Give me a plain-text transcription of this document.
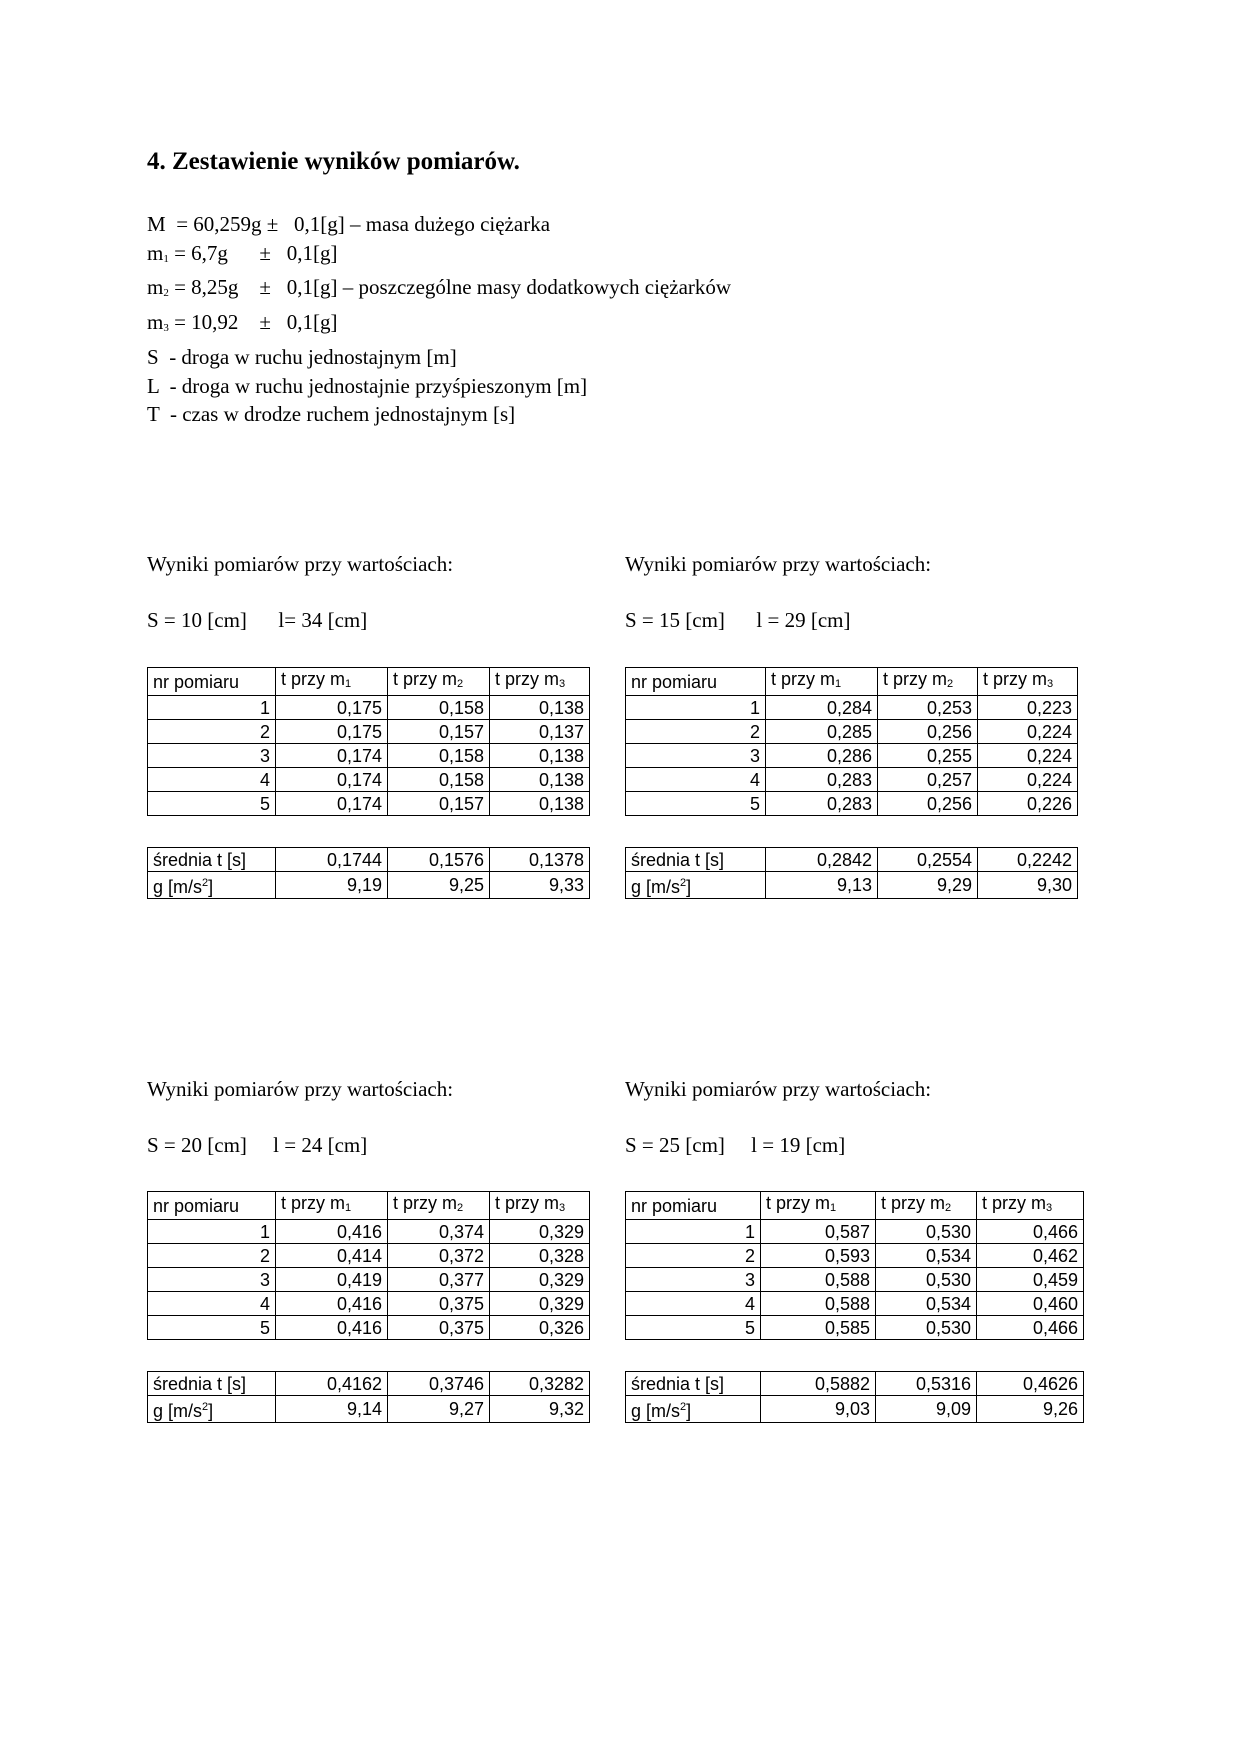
4. Zestawienie wyników pomiarów.
M  = 60,259g ±   0,1[g] – masa dużego ciężarka
$m_1 = 6,7g$      ±   0,1[g]
$m_2 = 8,25g$    ±   0,1[g] – poszczególne masy dodatkowych ciężarków
$m_3 = 10,92$    ±   0,1[g]
S  - droga w ruchu jednostajnym [m]
L  - droga w ruchu jednostajnie przyśpieszonym [m]
T  - czas w drodze ruchem jednostajnym [s]
Wyniki pomiarów przy wartościach:
S = 10 [cm]      l= 34 [cm]
nr pomiaru	t przy $m_1$	t przy $m_2$	t przy $m_3$
1	0,175	0,158	0,138
2	0,175	0,157	0,137
3	0,174	0,158	0,138
4	0,174	0,158	0,138
5	0,174	0,157	0,138
średnia t [s]	0,1744	0,1576	0,1378
g $[m/s^2]$	9,19	9,25	9,33
Wyniki pomiarów przy wartościach:
S = 15 [cm]      l = 29 [cm]
nr pomiaru	t przy $m_1$	t przy $m_2$	t przy $m_3$
1	0,284	0,253	0,223
2	0,285	0,256	0,224
3	0,286	0,255	0,224
4	0,283	0,257	0,224
5	0,283	0,256	0,226
średnia t [s]	0,2842	0,2554	0,2242
g $[m/s^2]$	9,13	9,29	9,30
Wyniki pomiarów przy wartościach:
S = 20 [cm]     l = 24 [cm]
nr pomiaru	t przy $m_1$	t przy $m_2$	t przy $m_3$
1	0,416	0,374	0,329
2	0,414	0,372	0,328
3	0,419	0,377	0,329
4	0,416	0,375	0,329
5	0,416	0,375	0,326
średnia t [s]	0,4162	0,3746	0,3282
g $[m/s^2]$	9,14	9,27	9,32
Wyniki pomiarów przy wartościach:
S = 25 [cm]     l = 19 [cm]
nr pomiaru	t przy $m_1$	t przy $m_2$	t przy $m_3$
1	0,587	0,530	0,466
2	0,593	0,534	0,462
3	0,588	0,530	0,459
4	0,588	0,534	0,460
5	0,585	0,530	0,466
średnia t [s]	0,5882	0,5316	0,4626
g $[m/s^2]$	9,03	9,09	9,26
